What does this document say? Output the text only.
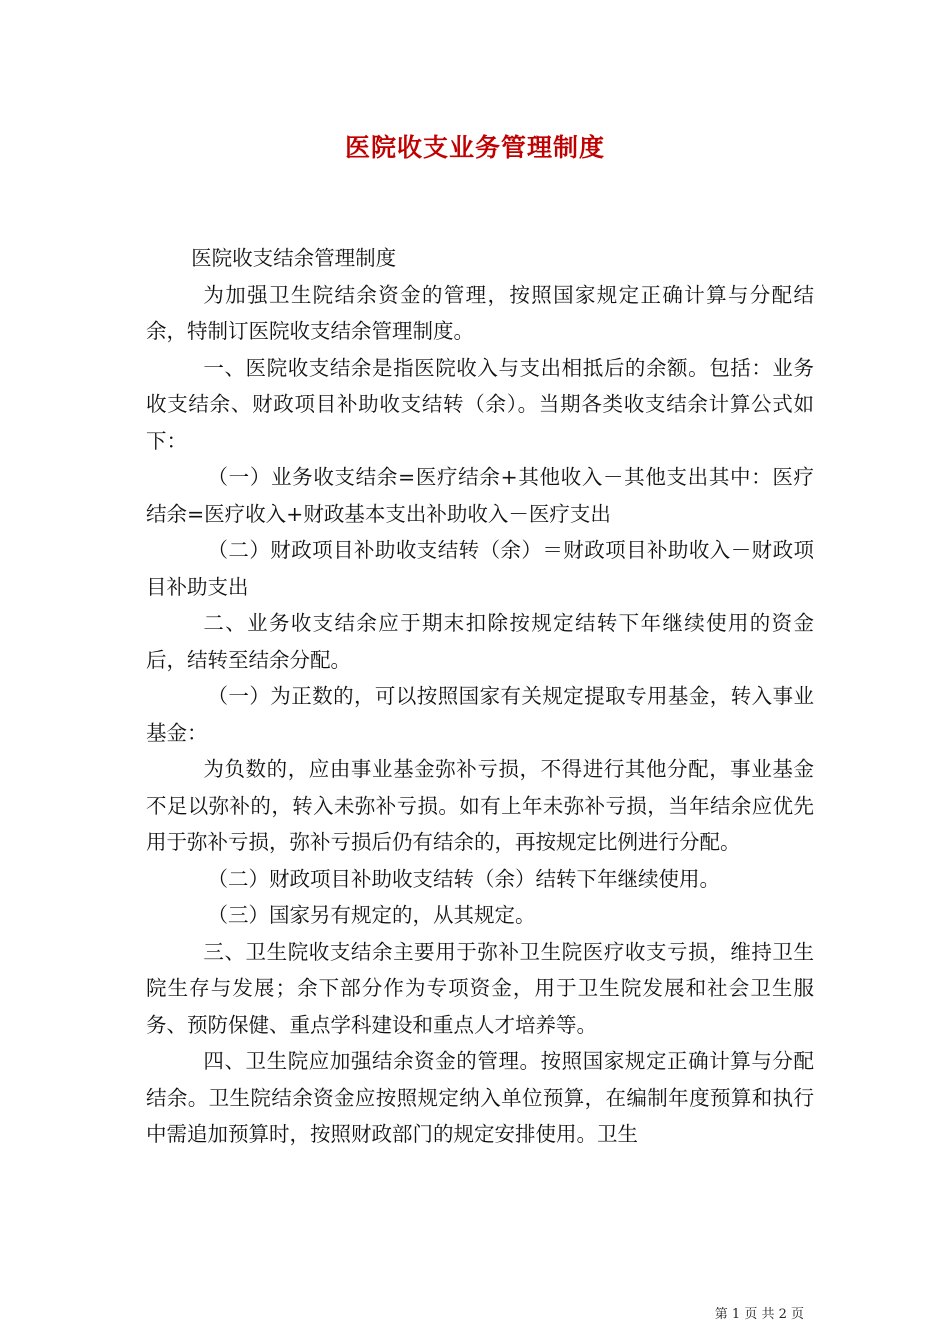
医院收支业务管理制度

医院收支结余管理制度

为加强卫生院结余资金的管理，按照国家规定正确计算与分配结余，特制订医院收支结余管理制度。

一、医院收支结余是指医院收入与支出相抵后的余额。包括：业务收支结余、财政项目补助收支结转（余）。当期各类收支结余计算公式如下：

（一）业务收支结余=医疗结余+其他收入－其他支出其中：医疗结余=医疗收入+财政基本支出补助收入－医疗支出

（二）财政项目补助收支结转（余）＝财政项目补助收入－财政项目补助支出

二、业务收支结余应于期末扣除按规定结转下年继续使用的资金后，结转至结余分配。

（一）为正数的，可以按照国家有关规定提取专用基金，转入事业基金：

为负数的，应由事业基金弥补亏损，不得进行其他分配，事业基金不足以弥补的，转入未弥补亏损。如有上年未弥补亏损，当年结余应优先用于弥补亏损，弥补亏损后仍有结余的，再按规定比例进行分配。

（二）财政项目补助收支结转（余）结转下年继续使用。

（三）国家另有规定的，从其规定。

三、卫生院收支结余主要用于弥补卫生院医疗收支亏损，维持卫生院生存与发展；余下部分作为专项资金，用于卫生院发展和社会卫生服务、预防保健、重点学科建设和重点人才培养等。

四、卫生院应加强结余资金的管理。按照国家规定正确计算与分配结余。卫生院结余资金应按照规定纳入单位预算，在编制年度预算和执行中需追加预算时，按照财政部门的规定安排使用。卫生

第 1 页 共 2 页
